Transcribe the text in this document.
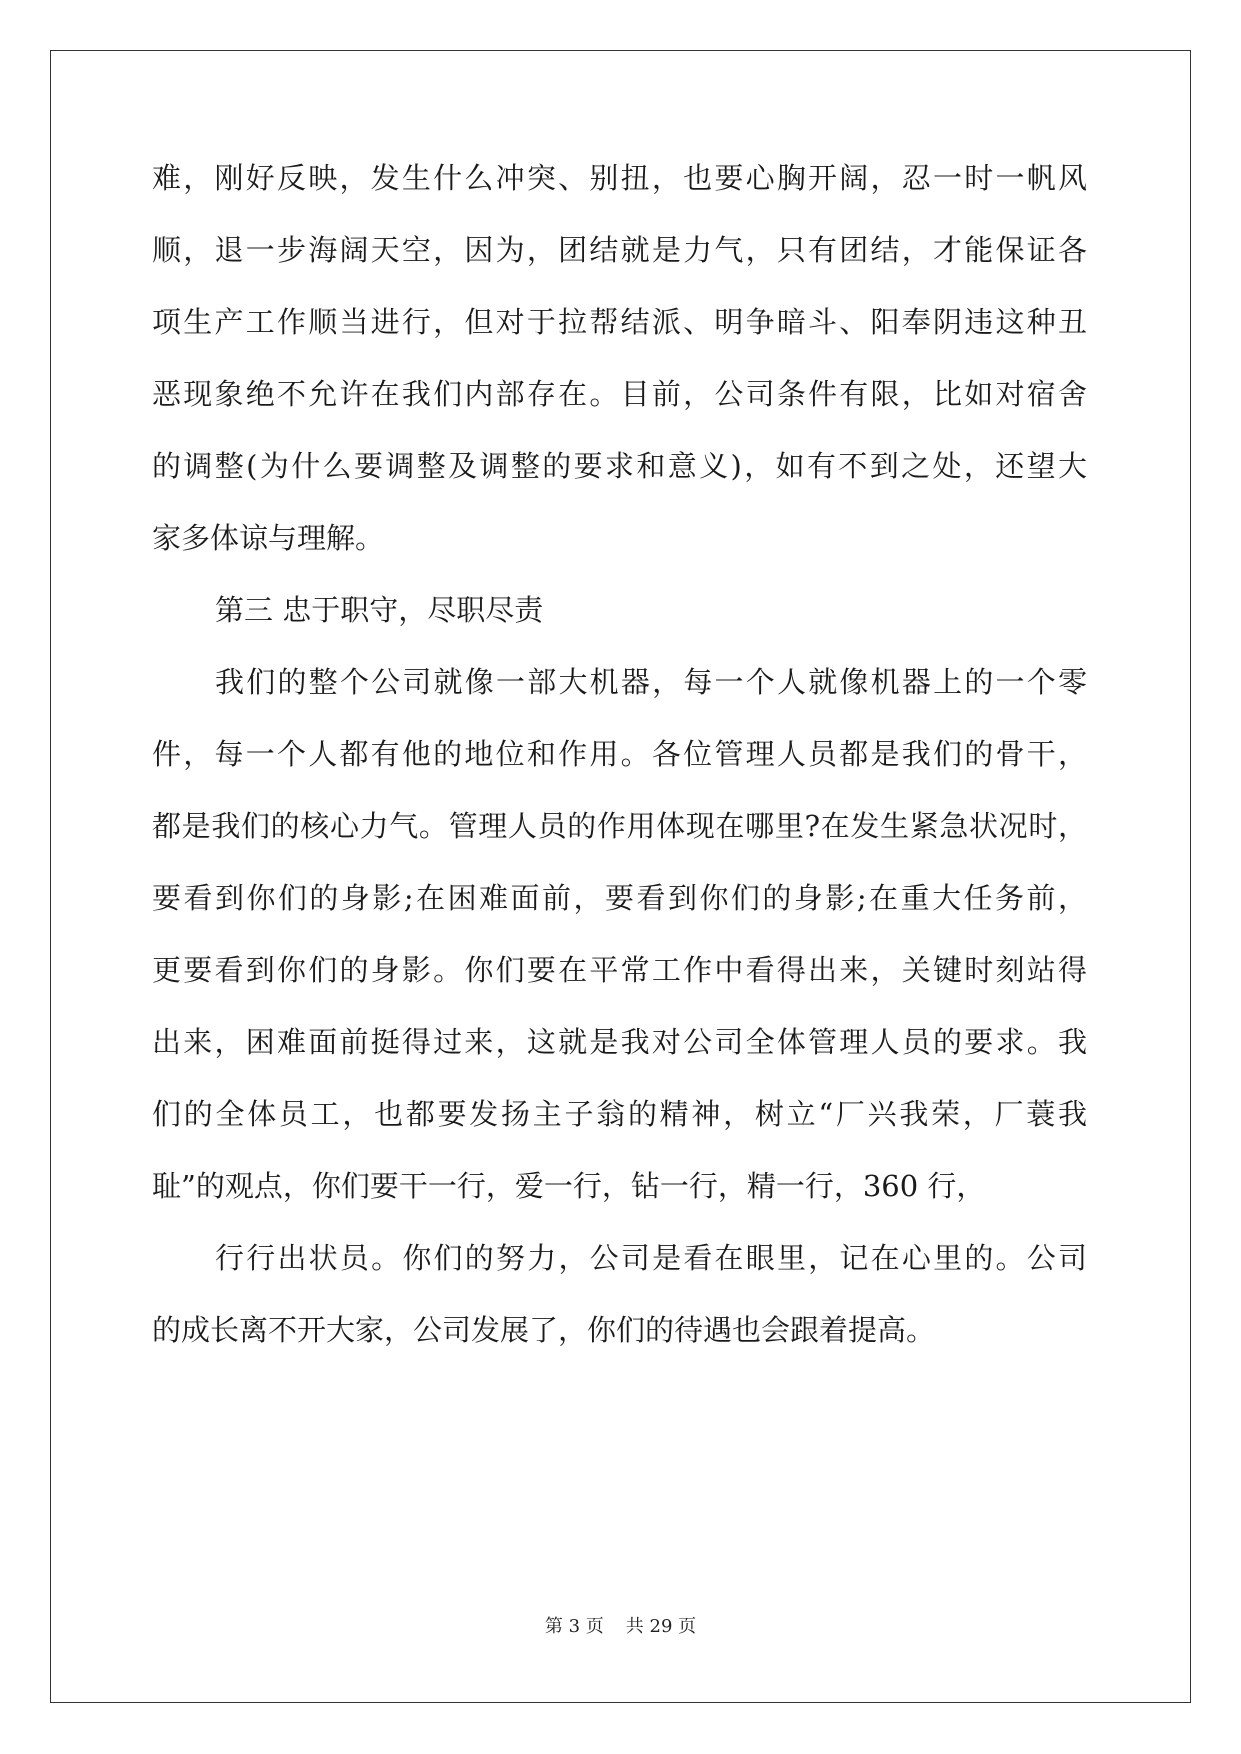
难，刚好反映，发生什么冲突、别扭，也要心胸开阔，忍一时一帆风
顺，退一步海阔天空，因为，团结就是力气，只有团结，才能保证各
项生产工作顺当进行，但对于拉帮结派、明争暗斗、阳奉阴违这种丑
恶现象绝不允许在我们内部存在。目前，公司条件有限，比如对宿舍
的调整(为什么要调整及调整的要求和意义)，如有不到之处，还望大
家多体谅与理解。
第三 忠于职守，尽职尽责
我们的整个公司就像一部大机器，每一个人就像机器上的一个零
件，每一个人都有他的地位和作用。各位管理人员都是我们的骨干，
都是我们的核心力气。管理人员的作用体现在哪里?在发生紧急状况时，
要看到你们的身影;在困难面前，要看到你们的身影;在重大任务前，
更要看到你们的身影。你们要在平常工作中看得出来，关键时刻站得
出来，困难面前挺得过来，这就是我对公司全体管理人员的要求。我
们的全体员工，也都要发扬主子翁的精神，树立“厂兴我荣，厂蓑我
耻”的观点，你们要干一行，爱一行，钻一行，精一行，360 行，
行行出状员。你们的努力，公司是看在眼里，记在心里的。公司
的成长离不开大家，公司发展了，你们的待遇也会跟着提高。
第 3 页 共 29 页
